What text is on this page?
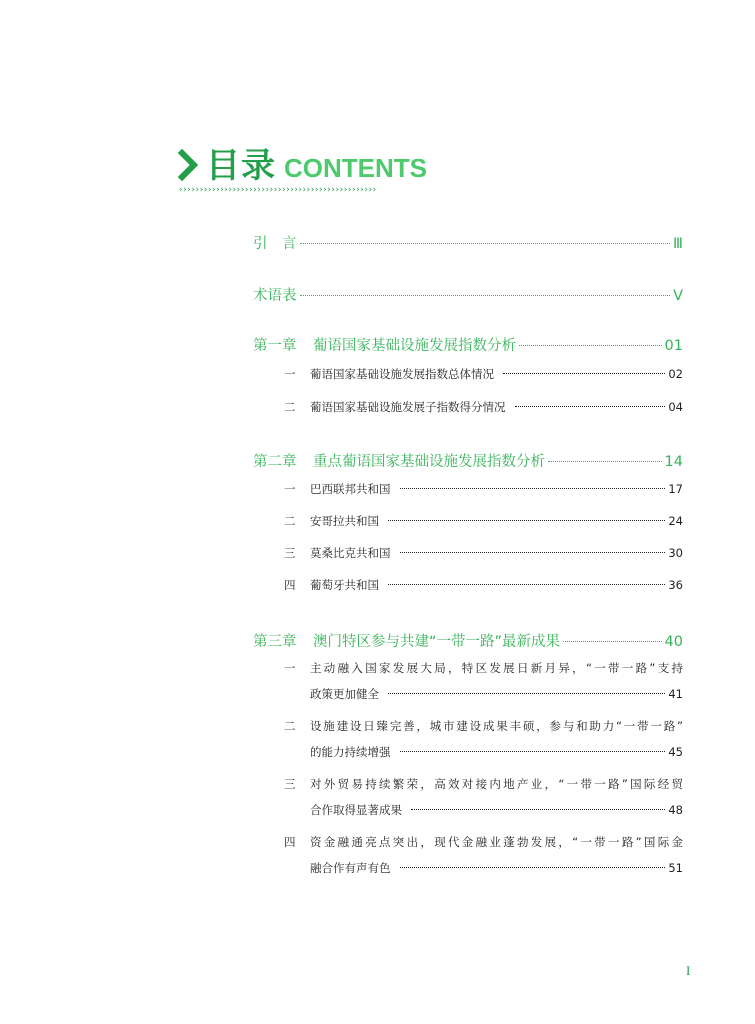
目录 CONTENTS
››››››››››››››››››››››››››››››››››››››››››››››››
引　言	Ⅲ
术语表	Ⅴ
第一章 葡语国家基础设施发展指数分析	01
一 葡语国家基础设施发展指数总体情况	02
二 葡语国家基础设施发展子指数得分情况	04
第二章 重点葡语国家基础设施发展指数分析	14
一 巴西联邦共和国	17
二 安哥拉共和国	24
三 莫桑比克共和国	30
四 葡萄牙共和国	36
第三章 澳门特区参与共建“一带一路”最新成果	40
一	主动融入国家发展大局，特区发展日新月异，“一带一路”支持
政策更加健全	41
二	设施建设日臻完善，城市建设成果丰硕，参与和助力“一带一路”
的能力持续增强	45
三	对外贸易持续繁荣，高效对接内地产业，“一带一路”国际经贸
合作取得显著成果	48
四	资金融通亮点突出，现代金融业蓬勃发展，“一带一路”国际金
融合作有声有色	51
I
